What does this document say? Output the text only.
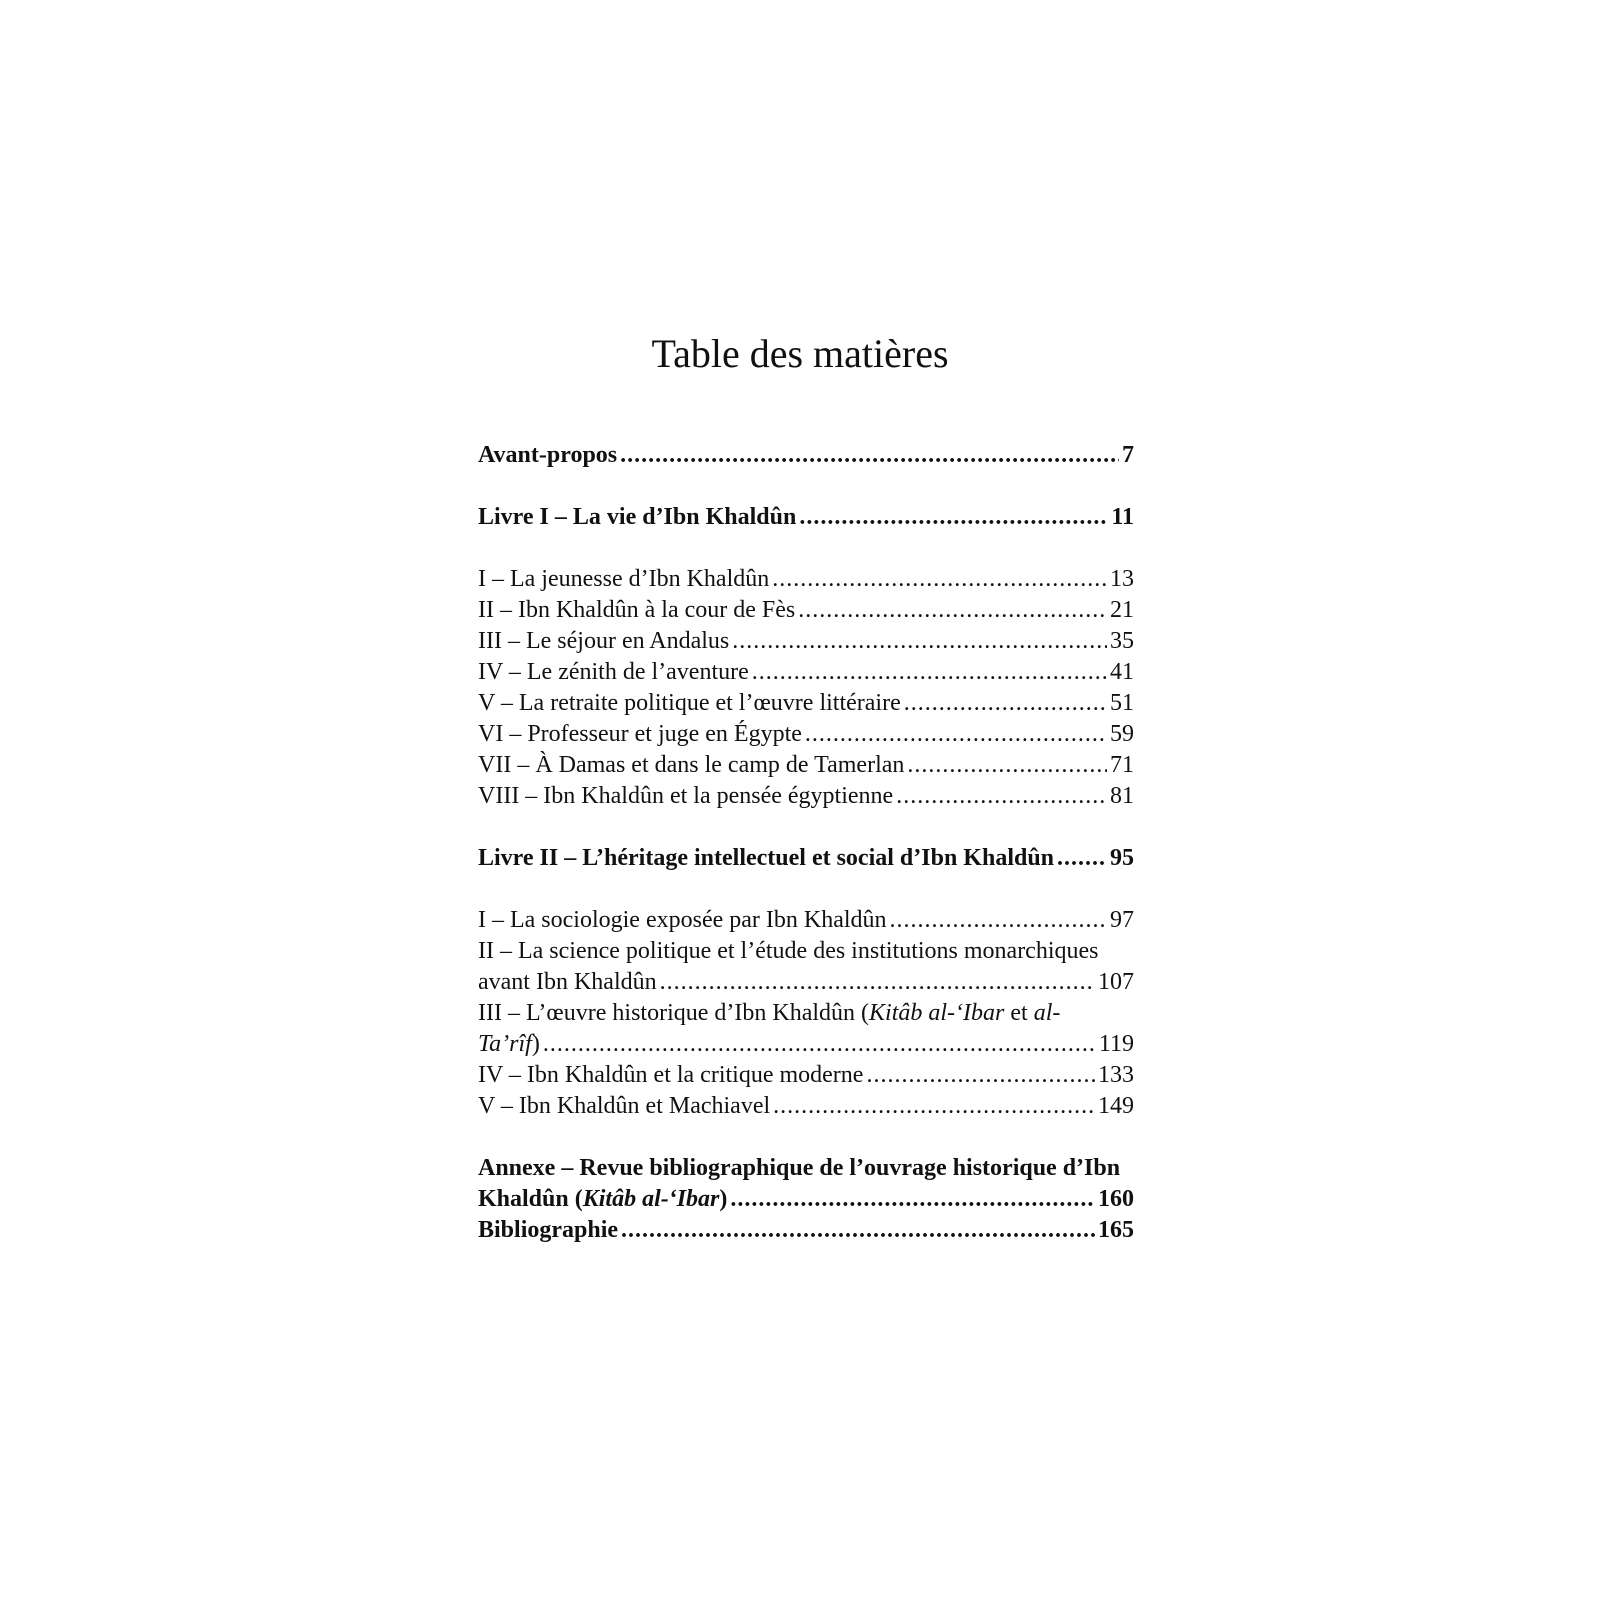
Table des matières
Avant-propos .....	7
Livre I – La vie d’Ibn Khaldûn .....	11
I – La jeunesse d’Ibn Khaldûn .....	13
II – Ibn Khaldûn à la cour de Fès .....	21
III – Le séjour en Andalus .....	35
IV – Le zénith de l’aventure .....	41
V – La retraite politique et l’œuvre littéraire .....	51
VI – Professeur et juge en Égypte .....	59
VII – À Damas et dans le camp de Tamerlan .....	71
VIII – Ibn Khaldûn et la pensée égyptienne .....	81
Livre II – L’héritage intellectuel et social d’Ibn Khaldûn ..... 95
I – La sociologie exposée par Ibn Khaldûn .....	97
II – La science politique et l’étude des institutions monarchiques
avant Ibn Khaldûn .....	107
III – L’œuvre historique d’Ibn Khaldûn (Kitâb al-‘Ibar et al-
Ta’rîf) .....	119
IV – Ibn Khaldûn et la critique moderne .....	133
V – Ibn Khaldûn et Machiavel .....	149
Annexe – Revue bibliographique de l’ouvrage historique d’Ibn
Khaldûn (Kitâb al-‘Ibar) .....	160
Bibliographie .....	165
